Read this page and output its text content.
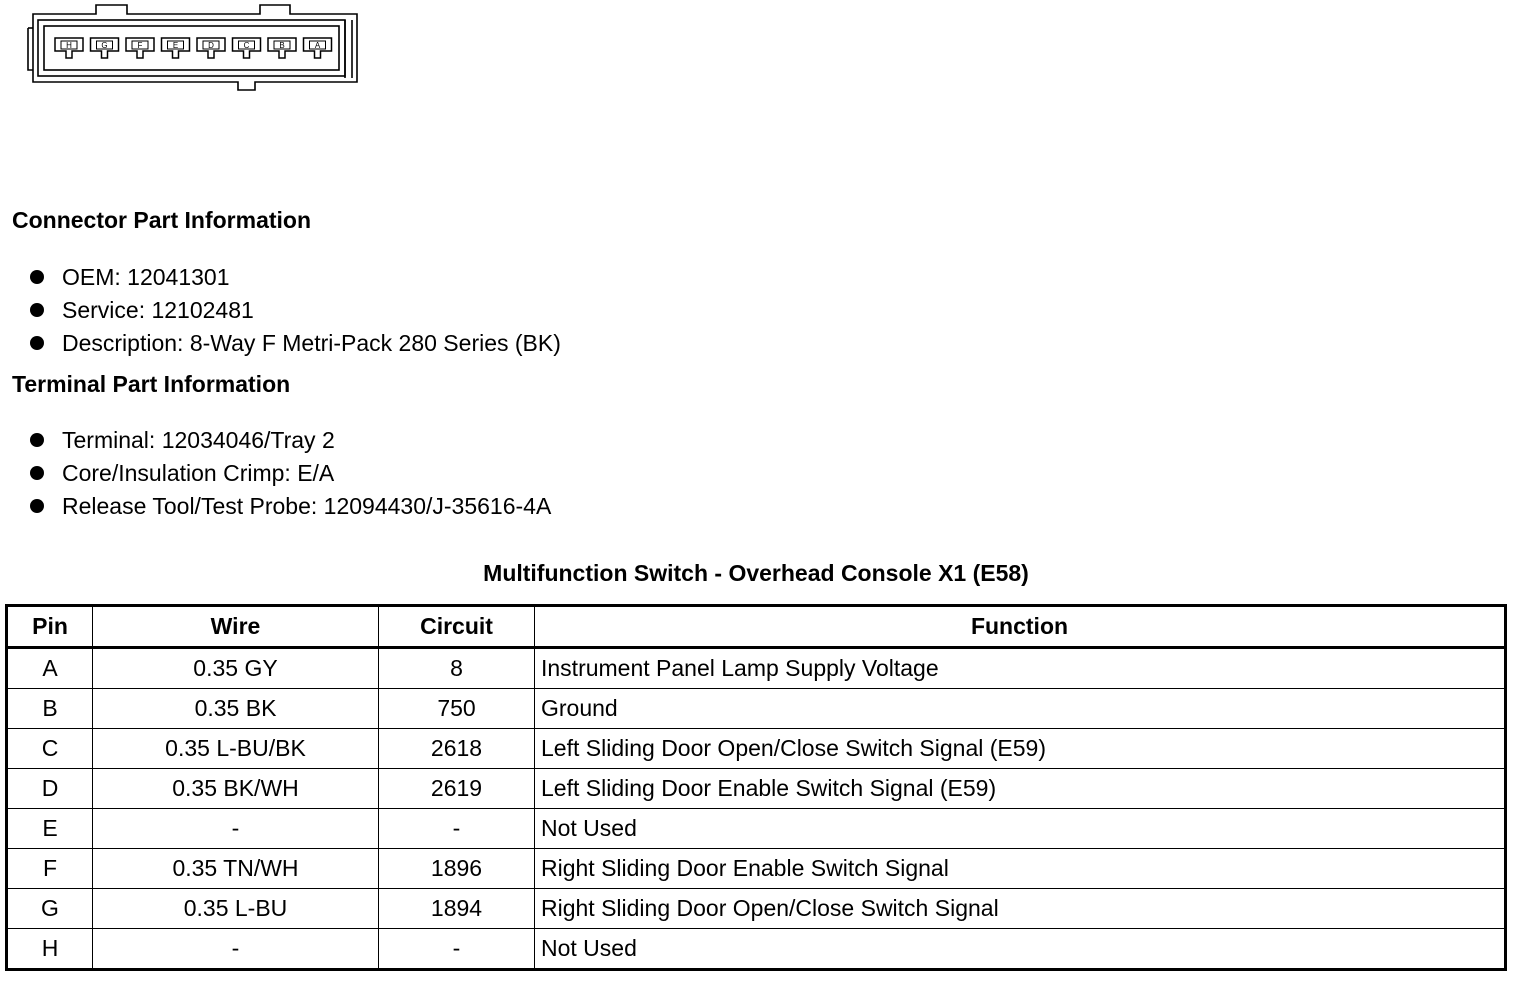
H	G	F	E	D	C	B	A
Connector Part Information
OEM: 12041301
Service: 12102481
Description: 8-Way F Metri-Pack 280 Series (BK)
Terminal Part Information
Terminal: 12034046/Tray 2
Core/Insulation Crimp: E/A
Release Tool/Test Probe: 12094430/J-35616-4A
Multifunction Switch - Overhead Console X1 (E58)
Pin	Wire	Circuit	Function
A	0.35 GY	8	Instrument Panel Lamp Supply Voltage
B	0.35 BK	750	Ground
C	0.35 L-BU/BK	2618	Left Sliding Door Open/Close Switch Signal (E59)
D	0.35 BK/WH	2619	Left Sliding Door Enable Switch Signal (E59)
E	-	-	Not Used
F	0.35 TN/WH	1896	Right Sliding Door Enable Switch Signal
G	0.35 L-BU	1894	Right Sliding Door Open/Close Switch Signal
H	-	-	Not Used
